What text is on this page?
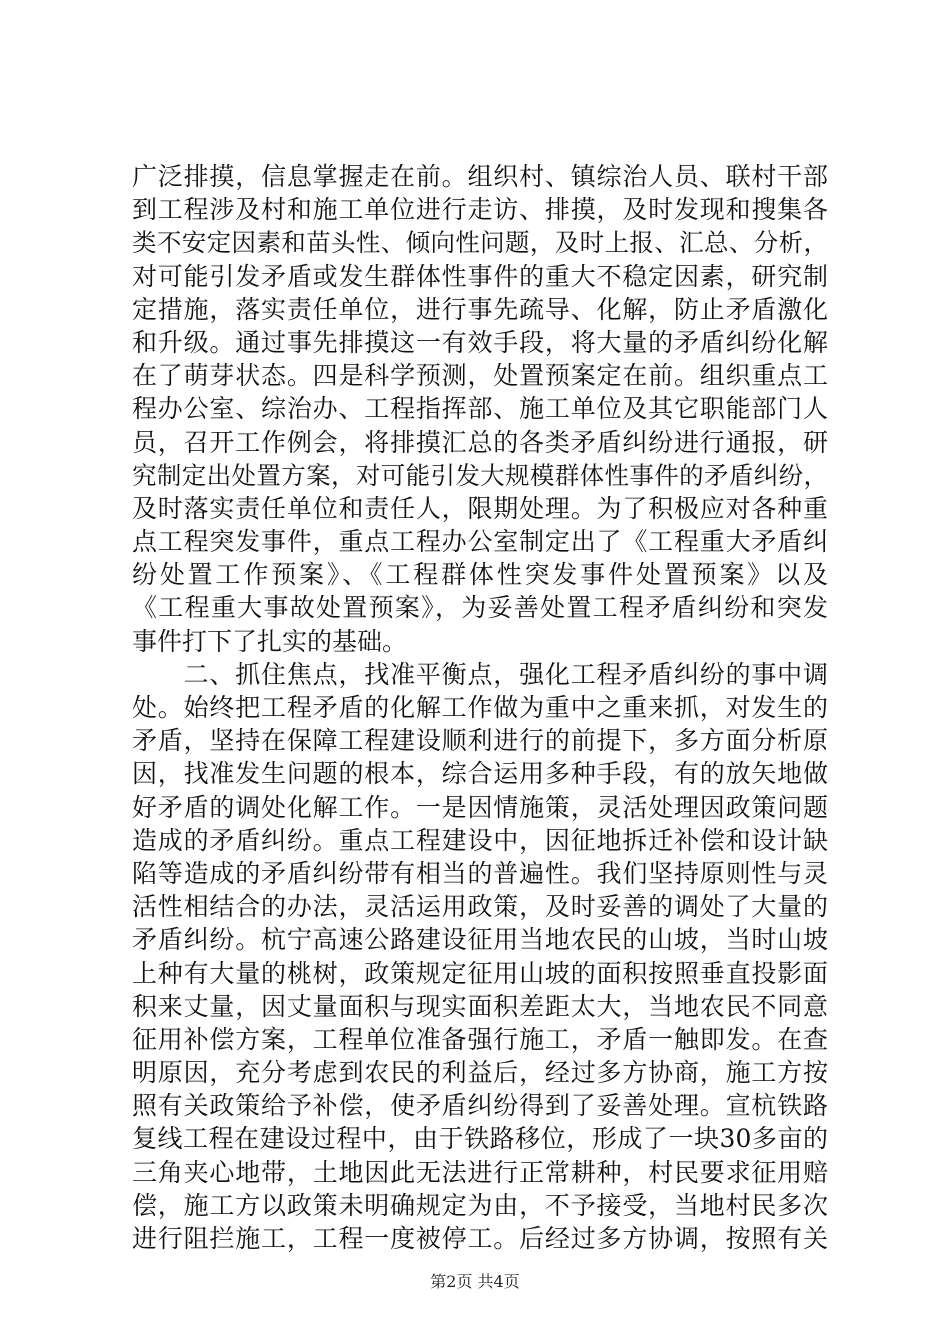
广泛排摸，信息掌握走在前。组织村、镇综治人员、联村干部
到工程涉及村和施工单位进行走访、排摸，及时发现和搜集各
类不安定因素和苗头性、倾向性问题，及时上报、汇总、分析，
对可能引发矛盾或发生群体性事件的重大不稳定因素，研究制
定措施，落实责任单位，进行事先疏导、化解，防止矛盾激化
和升级。通过事先排摸这一有效手段，将大量的矛盾纠纷化解
在了萌芽状态。四是科学预测，处置预案定在前。组织重点工
程办公室、综治办、工程指挥部、施工单位及其它职能部门人
员，召开工作例会，将排摸汇总的各类矛盾纠纷进行通报，研
究制定出处置方案，对可能引发大规模群体性事件的矛盾纠纷，
及时落实责任单位和责任人，限期处理。为了积极应对各种重
点工程突发事件，重点工程办公室制定出了《工程重大矛盾纠
纷处置工作预案》、《工程群体性突发事件处置预案》以及
《工程重大事故处置预案》，为妥善处置工程矛盾纠纷和突发
事件打下了扎实的基础。
　　二、抓住焦点，找准平衡点，强化工程矛盾纠纷的事中调
处。始终把工程矛盾的化解工作做为重中之重来抓，对发生的
矛盾，坚持在保障工程建设顺利进行的前提下，多方面分析原
因，找准发生问题的根本，综合运用多种手段，有的放矢地做
好矛盾的调处化解工作。一是因情施策，灵活处理因政策问题
造成的矛盾纠纷。重点工程建设中，因征地拆迁补偿和设计缺
陷等造成的矛盾纠纷带有相当的普遍性。我们坚持原则性与灵
活性相结合的办法，灵活运用政策，及时妥善的调处了大量的
矛盾纠纷。杭宁高速公路建设征用当地农民的山坡，当时山坡
上种有大量的桃树，政策规定征用山坡的面积按照垂直投影面
积来丈量，因丈量面积与现实面积差距太大，当地农民不同意
征用补偿方案，工程单位准备强行施工，矛盾一触即发。在查
明原因，充分考虑到农民的利益后，经过多方协商，施工方按
照有关政策给予补偿，使矛盾纠纷得到了妥善处理。宣杭铁路
复线工程在建设过程中，由于铁路移位，形成了一块30多亩的
三角夹心地带，土地因此无法进行正常耕种，村民要求征用赔
偿，施工方以政策未明确规定为由，不予接受，当地村民多次
进行阻拦施工，工程一度被停工。后经过多方协调，按照有关
第2页 共4页
